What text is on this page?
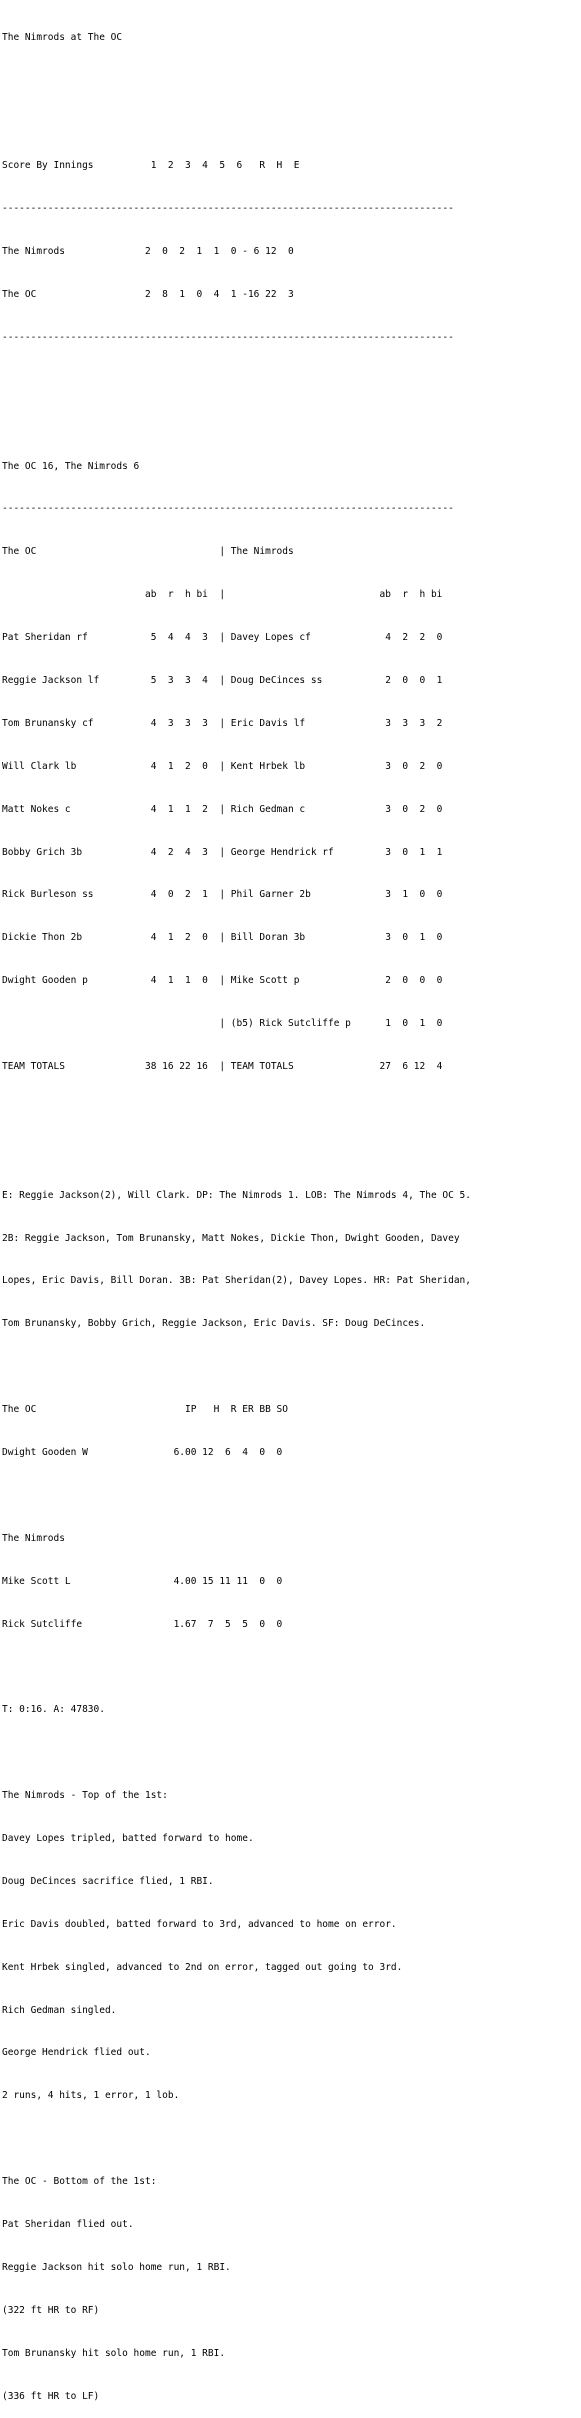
The Nimrods at The OC

Score By Innings          1  2  3  4  5  6   R  H  E

-------------------------------------------------------------------------------

The Nimrods              2  0  2  1  1  0 - 6 12  0

The OC                   2  8  1  0  4  1 -16 22  3

-------------------------------------------------------------------------------

The OC 16, The Nimrods 6

-------------------------------------------------------------------------------

The OC                                | The Nimrods

ab  r  h bi  |                           ab  r  h bi

Pat Sheridan rf           5  4  4  3  | Davey Lopes cf             4  2  2  0

Reggie Jackson lf         5  3  3  4  | Doug DeCinces ss           2  0  0  1

Tom Brunansky cf          4  3  3  3  | Eric Davis lf              3  3  3  2

Will Clark lb             4  1  2  0  | Kent Hrbek lb              3  0  2  0

Matt Nokes c              4  1  1  2  | Rich Gedman c              3  0  2  0

Bobby Grich 3b            4  2  4  3  | George Hendrick rf         3  0  1  1

Rick Burleson ss          4  0  2  1  | Phil Garner 2b             3  1  0  0

Dickie Thon 2b            4  1  2  0  | Bill Doran 3b              3  0  1  0

Dwight Gooden p           4  1  1  0  | Mike Scott p               2  0  0  0

| (b5) Rick Sutcliffe p      1  0  1  0

TEAM TOTALS              38 16 22 16  | TEAM TOTALS               27  6 12  4

E: Reggie Jackson(2), Will Clark. DP: The Nimrods 1. LOB: The Nimrods 4, The OC 5.

2B: Reggie Jackson, Tom Brunansky, Matt Nokes, Dickie Thon, Dwight Gooden, Davey

Lopes, Eric Davis, Bill Doran. 3B: Pat Sheridan(2), Davey Lopes. HR: Pat Sheridan,

Tom Brunansky, Bobby Grich, Reggie Jackson, Eric Davis. SF: Doug DeCinces.

The OC                          IP   H  R ER BB SO

Dwight Gooden W               6.00 12  6  4  0  0

The Nimrods

Mike Scott L                  4.00 15 11 11  0  0

Rick Sutcliffe                1.67  7  5  5  0  0

T: 0:16. A: 47830.

The Nimrods - Top of the 1st:

Davey Lopes tripled, batted forward to home.

Doug DeCinces sacrifice flied, 1 RBI.

Eric Davis doubled, batted forward to 3rd, advanced to home on error.

Kent Hrbek singled, advanced to 2nd on error, tagged out going to 3rd.

Rich Gedman singled.

George Hendrick flied out.

2 runs, 4 hits, 1 error, 1 lob.

The OC - Bottom of the 1st:

Pat Sheridan flied out.

Reggie Jackson hit solo home run, 1 RBI.

(322 ft HR to RF)

Tom Brunansky hit solo home run, 1 RBI.

(336 ft HR to LF)
